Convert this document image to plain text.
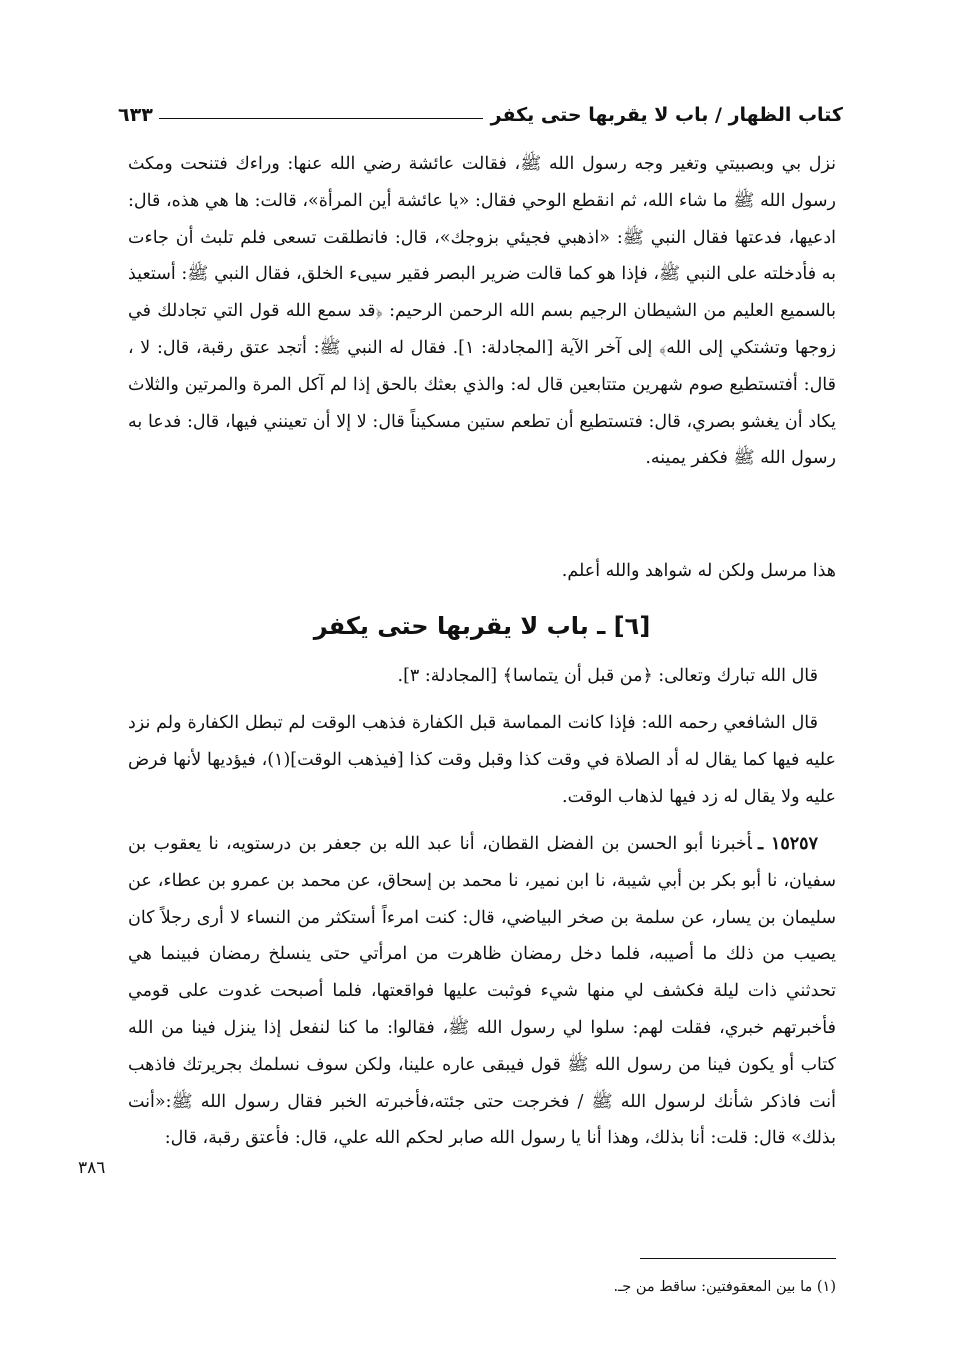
كتاب الظهار / باب لا يقربها حتى يكفر
٦٣٣
نزل بي وبصبيتي وتغير وجه رسول الله ﷺ، فقالت عائشة رضي الله عنها: وراءك فتنحت ومكث رسول الله ﷺ ما شاء الله، ثم انقطع الوحي فقال: «يا عائشة أين المرأة»، قالت: ها هي هذه، قال: ادعيها، فدعتها فقال النبي ﷺ: «اذهبي فجيئي بزوجك»، قال: فانطلقت تسعى فلم تلبث أن جاءت به فأدخلته على النبي ﷺ، فإذا هو كما قالت ضرير البصر فقير سيىء الخلق، فقال النبي ﷺ: أستعيذ بالسميع العليم من الشيطان الرجيم بسم الله الرحمن الرحيم: ﴿قد سمع الله قول التي تجادلك في زوجها وتشتكي إلى الله﴾ إلى آخر الآية [المجادلة: ١]. فقال له النبي ﷺ: أتجد عتق رقبة، قال: لا ، قال: أفتستطيع صوم شهرين متتابعين قال له: والذي بعثك بالحق إذا لم آكل المرة والمرتين والثلاث يكاد أن يغشو بصري، قال: فتستطيع أن تطعم ستين مسكيناً قال: لا إلا أن تعينني فيها، قال: فدعا به رسول الله ﷺ فكفر يمينه.
هذا مرسل ولكن له شواهد والله أعلم.
[٦] ـ باب لا يقربها حتى يكفر
قال الله تبارك وتعالى: ﴿من قبل أن يتماسا﴾ [المجادلة: ٣].
قال الشافعي رحمه الله: فإذا كانت المماسة قبل الكفارة فذهب الوقت لم تبطل الكفارة ولم نزد عليه فيها كما يقال له أد الصلاة في وقت كذا وقبل وقت كذا [فيذهب الوقت](١)، فيؤديها لأنها فرض عليه ولا يقال له زد فيها لذهاب الوقت.
١٥٢٥٧ ـأخبرنا أبو الحسن بن الفضل القطان، أنا عبد الله بن جعفر بن درستويه، نا يعقوب بن سفيان، نا أبو بكر بن أبي شيبة، نا ابن نمير، نا محمد بن إسحاق، عن محمد بن عمرو بن عطاء، عن سليمان بن يسار، عن سلمة بن صخر البياضي، قال: كنت امرءاً أستكثر من النساء لا أرى رجلاً كان يصيب من ذلك ما أصيبه، فلما دخل رمضان ظاهرت من امرأتي حتى ينسلخ رمضان فبينما هي تحدثني ذات ليلة فكشف لي منها شيء فوثبت عليها فواقعتها، فلما أصبحت غدوت على قومي فأخبرتهم خبري، فقلت لهم: سلوا لي رسول الله ﷺ، فقالوا: ما كنا لنفعل إذا ينزل فينا من الله كتاب أو يكون فينا من رسول الله ﷺ قول فيبقى عاره علينا، ولكن سوف نسلمك بجريرتك فاذهب أنت فاذكر شأنك لرسول الله ﷺ / فخرجت حتى جئته،فأخبرته الخبر فقال رسول الله ﷺ:«أنت بذلك» قال: قلت: أنا بذلك، وهذا أنا يا رسول الله صابر لحكم الله علي، قال: فأعتق رقبة، قال:
٣٨٦
(١) ما بين المعقوفتين: ساقط من جـ.
